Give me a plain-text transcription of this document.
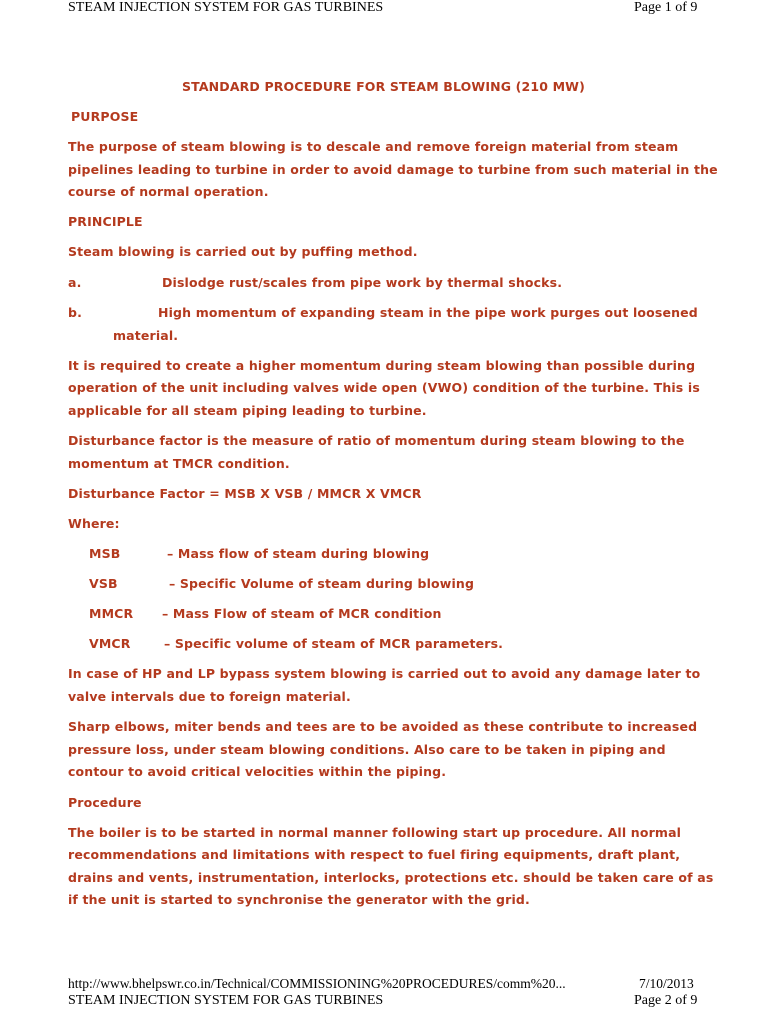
STEAM INJECTION SYSTEM FOR GAS TURBINES	Page 1 of 9
STANDARD PROCEDURE FOR STEAM BLOWING (210 MW)
PURPOSE
The purpose of steam blowing is to descale and remove foreign material from steam
pipelines leading to turbine in order to avoid damage to turbine from such material in the
course of normal operation.
PRINCIPLE
Steam blowing is carried out by puffing method.
a.	Dislodge rust/scales from pipe work by thermal shocks.
b.	High momentum of expanding steam in the pipe work purges out loosened
material.
It is required to create a higher momentum during steam blowing than possible during
operation of the unit including valves wide open (VWO) condition of the turbine. This is
applicable for all steam piping leading to turbine.
Disturbance factor is the measure of ratio of momentum during steam blowing to the
momentum at TMCR condition.
Disturbance Factor = MSB X VSB / MMCR X VMCR
Where:
MSB	– Mass flow of steam during blowing
VSB	– Specific Volume of steam during blowing
MMCR – Mass Flow of steam of MCR condition
VMCR	– Specific volume of steam of MCR parameters.
In case of HP and LP bypass system blowing is carried out to avoid any damage later to
valve intervals due to foreign material.
Sharp elbows, miter bends and tees are to be avoided as these contribute to increased
pressure loss, under steam blowing conditions. Also care to be taken in piping and
contour to avoid critical velocities within the piping.
Procedure
The boiler is to be started in normal manner following start up procedure. All normal
recommendations and limitations with respect to fuel firing equipments, draft plant,
drains and vents, instrumentation, interlocks, protections etc. should be taken care of as
if the unit is started to synchronise the generator with the grid.
http://www.bhelpswr.co.in/Technical/COMMISSIONING%20PROCEDURES/comm%20...	7/10/2013
STEAM INJECTION SYSTEM FOR GAS TURBINES	Page 2 of 9
